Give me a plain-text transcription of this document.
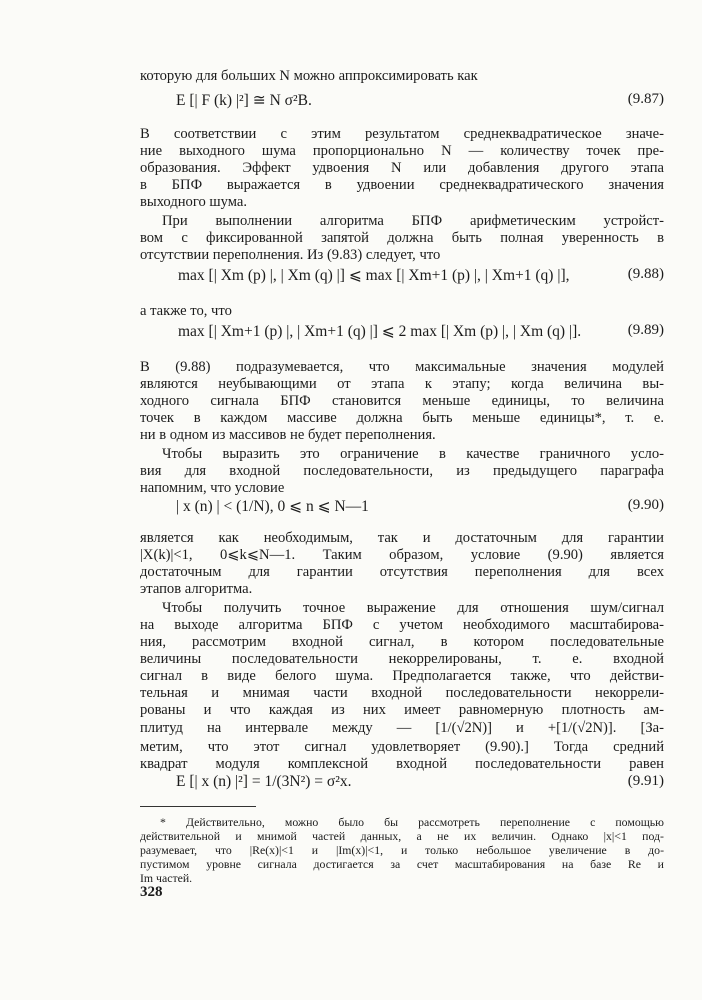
которую для больших N можно аппроксимировать как
E [| F (k) |²] ≅ N σ²B.	(9.87)
В соответствии с этим результатом среднеквадратическое значе-
ние выходного шума пропорционально N — количеству точек пре-
образования. Эффект удвоения N или добавления другого этапа
в БПФ выражается в удвоении среднеквадратического значения
выходного шума.
При выполнении алгоритма БПФ арифметическим устройст-
вом с фиксированной запятой должна быть полная уверенность в
отсутствии переполнения. Из (9.83) следует, что
max [| Xm (p) |, | Xm (q) |] ⩽ max [| Xm+1 (p) |, | Xm+1 (q) |],	(9.88)
а также то, что
max [| Xm+1 (p) |, | Xm+1 (q) |] ⩽ 2 max [| Xm (p) |, | Xm (q) |].	(9.89)
В (9.88) подразумевается, что максимальные значения модулей
являются неубывающими от этапа к этапу; когда величина вы-
ходного сигнала БПФ становится меньше единицы, то величина
точек в каждом массиве должна быть меньше единицы*, т. е.
ни в одном из массивов не будет переполнения.
Чтобы выразить это ограничение в качестве граничного усло-
вия для входной последовательности, из предыдущего параграфа
напомним, что условие
| x (n) | < (1/N), 0 ⩽ n ⩽ N—1	(9.90)
является как необходимым, так и достаточным для гарантии
|X(k)|<1, 0⩽k⩽N—1. Таким образом, условие (9.90) является
достаточным для гарантии отсутствия переполнения для всех
этапов алгоритма.
Чтобы получить точное выражение для отношения шум/сигнал
на выходе алгоритма БПФ с учетом необходимого масштабирова-
ния, рассмотрим входной сигнал, в котором последовательные
величины последовательности некоррелированы, т. е. входной
сигнал в виде белого шума. Предполагается также, что действи-
тельная и мнимая части входной последовательности некоррели-
рованы и что каждая из них имеет равномерную плотность ам-
плитуд на интервале между — [1/(√2N)] и +[1/(√2N)]. [За-
метим, что этот сигнал удовлетворяет (9.90).] Тогда средний
квадрат модуля комплексной входной последовательности равен
E [| x (n) |²] = 1/(3N²) = σ²x.	(9.91)
* Действительно, можно было бы рассмотреть переполнение с помощью
действительной и мнимой частей данных, а не их величин. Однако |x|<1 под-
разумевает, что |Re(x)|<1 и |Im(x)|<1, и только небольшое увеличение в до-
пустимом уровне сигнала достигается за счет масштабирования на базе Re и
Im частей.
328
